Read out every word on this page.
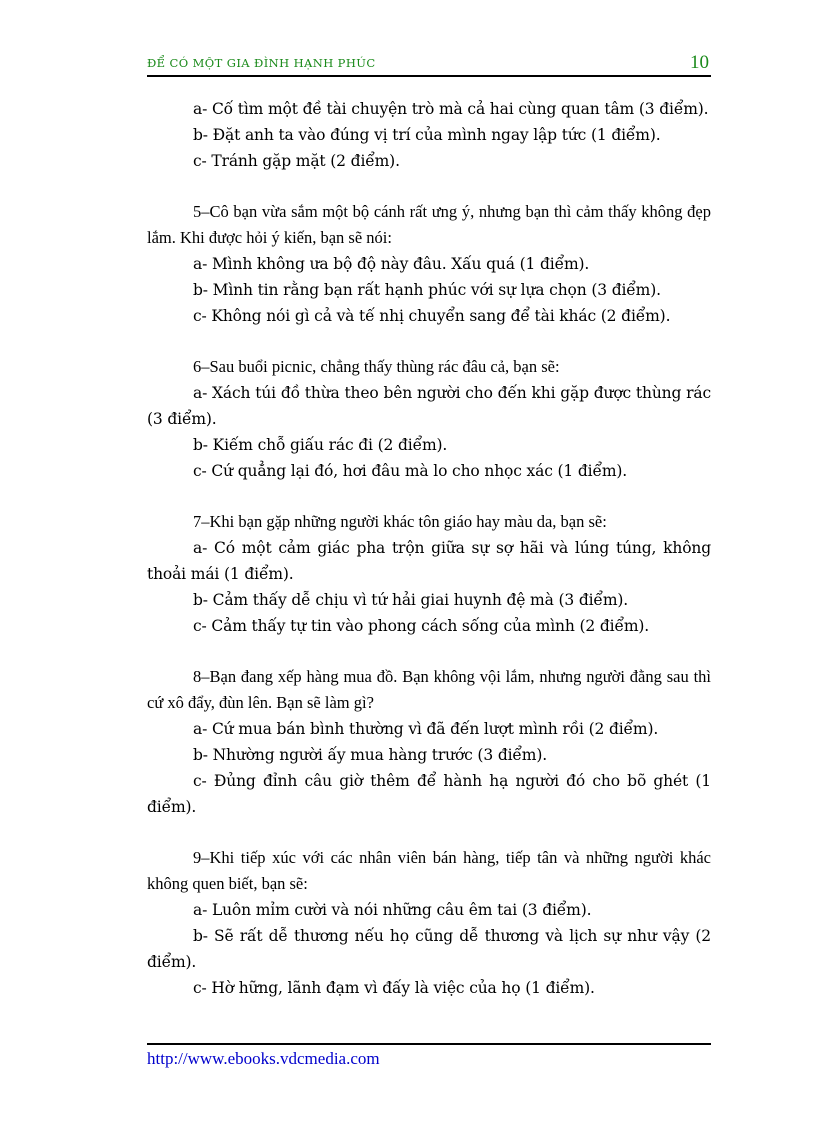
ĐỂ CÓ MỘT GIA ĐÌNH HẠNH PHÚC	10

a- Cố tìm một đề tài chuyện trò mà cả hai cùng quan tâm (3 điểm).

b- Đặt anh ta vào đúng vị trí của mình ngay lập tức (1 điểm).

c- Tránh gặp mặt (2 điểm).

5–Cô bạn vừa sắm một bộ cánh rất ưng ý, nhưng bạn thì cảm thấy không đẹp lắm. Khi được hỏi ý kiến, bạn sẽ nói:

a- Mình không ưa bộ độ này đâu. Xấu quá (1 điểm).

b- Mình tin rằng bạn rất hạnh phúc với sự lựa chọn (3 điểm).

c- Không nói gì cả và tế nhị chuyển sang để tài khác (2 điểm).

6–Sau buổi picnic, chẳng thấy thùng rác đâu cả, bạn sẽ:

a- Xách túi đồ thừa theo bên người cho đến khi gặp được thùng rác (3 điểm).

b- Kiếm chỗ giấu rác đi (2 điểm).

c- Cứ quẳng lại đó, hơi đâu mà lo cho nhọc xác (1 điểm).

7–Khi bạn gặp những người khác tôn giáo hay màu da, bạn sẽ:

a- Có một cảm giác pha trộn giữa sự sợ hãi và lúng túng, không thoải mái (1 điểm).

b- Cảm thấy dễ chịu vì tứ hải giai huynh đệ mà (3 điểm).

c- Cảm thấy tự tin vào phong cách sống của mình (2 điểm).

8–Bạn đang xếp hàng mua đồ. Bạn không vội lắm, nhưng người đằng sau thì cứ xô đẩy, đùn lên. Bạn sẽ làm gì?

a- Cứ mua bán bình thường vì đã đến lượt mình rồi (2 điểm).

b- Nhường người ấy mua hàng trước (3 điểm).

c- Đủng đỉnh câu giờ thêm để hành hạ người đó cho bõ ghét (1 điểm).

9–Khi tiếp xúc với các nhân viên bán hàng, tiếp tân và những người khác không quen biết, bạn sẽ:

a- Luôn mỉm cười và nói những câu êm tai (3 điểm).

b- Sẽ rất dễ thương nếu họ cũng dễ thương và lịch sự như vậy (2 điểm).

c- Hờ hững, lãnh đạm vì đấy là việc của họ (1 điểm).

http://www.ebooks.vdcmedia.com
